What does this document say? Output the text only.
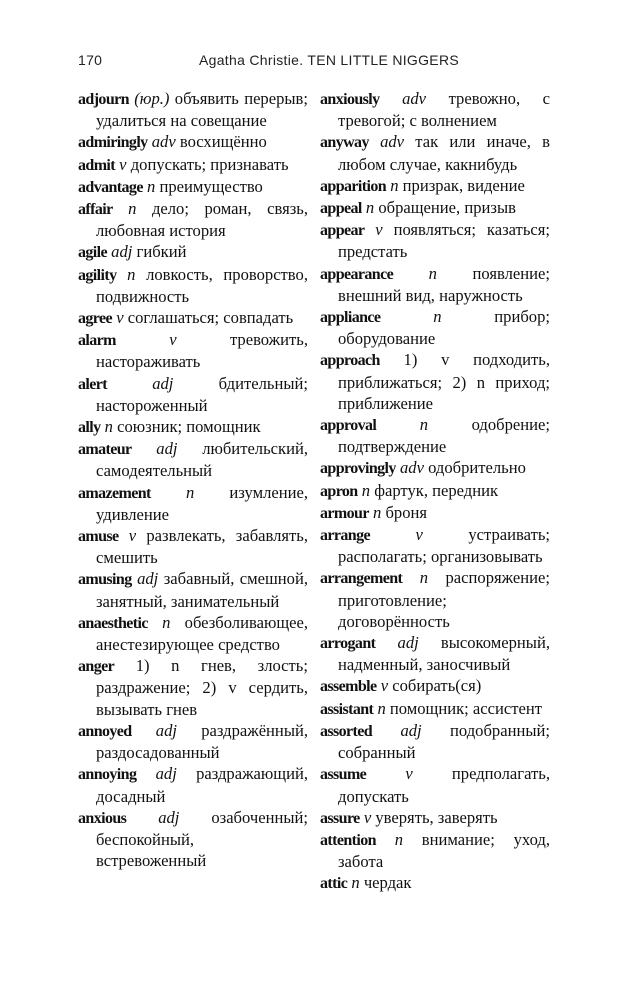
170	Agatha Christie. TEN LITTLE NIGGERS

adjourn (юр.) объявить перерыв; удалиться на совещание

admiringly adv восхищённо

admit v допускать; признавать

advantage n преимущество

affair n дело; роман, связь, любовная история

agile adj гибкий

agility n ловкость, проворство, подвижность

agree v соглашаться; совпадать

alarm	v	тревожить, настораживать

alert	adj	бдительный; настороженный

ally n союзник; помощник

amateur adj любительский, самодеятельный

amazement n изумление, удивление

amuse v развлекать, забавлять, смешить

amusing adj забавный, смешной, занятный, занимательный

anaesthetic n обезболивающее, анестезирующее средство

anger 1) n гнев, злость; раздражение; 2) v сердить, вызывать гнев

annoyed adj раздражённый, раздосадованный

annoying adj раздражающий, досадный

anxious adj озабоченный; беспокойный, встревоженный

anxiously adv тревожно, с тревогой; с волнением

anyway adv так или иначе, в любом случае, какнибудь

apparition n призрак, видение

appeal n обращение, призыв

appear v появляться; казаться; предстать

appearance n появление; внешний вид, наружность

appliance	n	прибор; оборудование

approach 1) v подходить, приближаться; 2) n приход; приближение

approval	n	одобрение; подтверждение

approvingly adv одобрительно

apron n фартук, передник

armour n броня

arrange	v	устраивать; располагать; организовывать

arrangement n распоряжение; приготовление; договорённость

arrogant adj высокомерный, надменный, заносчивый

assemble v собирать(ся)

assistant n помощник; ассистент

assorted adj подобранный; собранный

assume v предполагать, допускать

assure v уверять, заверять

attention n внимание; уход, забота

attic n чердак
